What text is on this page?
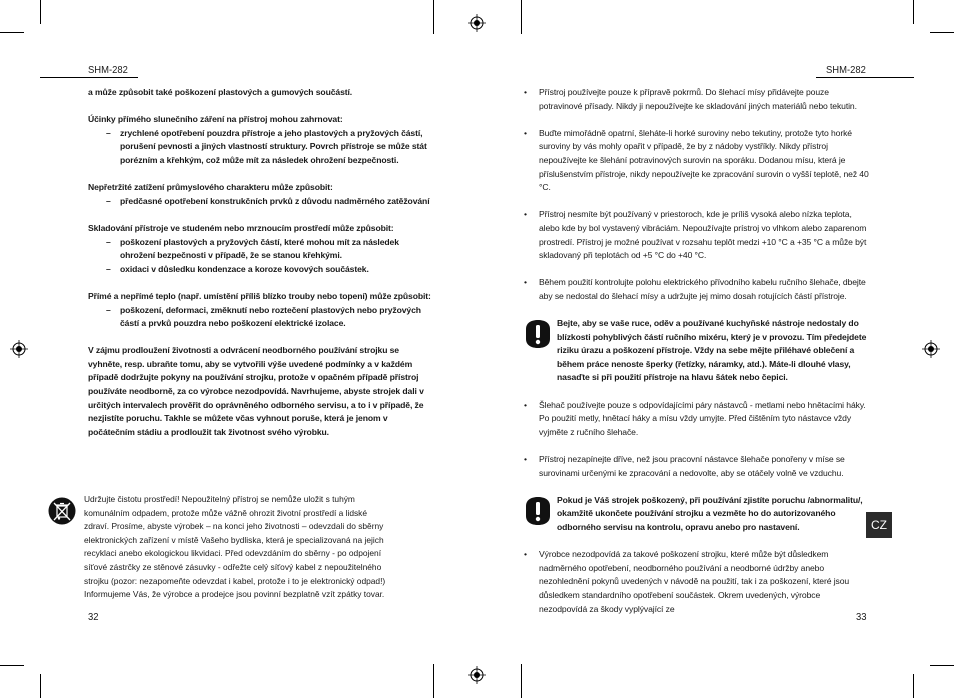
SHM-282

a může způsobit také poškození plastových a gumových součástí.

Účinky přímého slunečního záření na přístroj mohou zahrnovat:

–	zrychlené opotřebení pouzdra přístroje a jeho plastových a pryžových částí, porušení pevnosti a jiných vlastností struktury. Povrch přístroje se může stát porézním a křehkým, což může mít za následek ohrožení bezpečnosti.

Nepřetržité zatížení průmyslového charakteru může způsobit:

–	předčasné opotřebení konstrukčních prvků z důvodu nadměrného zatěžování

Skladování přístroje ve studeném nebo mrznoucím prostředí může způsobit:

–	poškození plastových a pryžových částí, které mohou mít za následek ohrožení bezpečnosti v případě, že se stanou křehkými.
–	oxidaci v důsledku kondenzace a koroze kovových součástek.

Přímé a nepřímé teplo (např. umístění příliš blízko trouby nebo topení) může způsobit:

–	poškození, deformaci, změknutí nebo roztečení plastových nebo pryžových částí a prvků pouzdra nebo poškození elektrické izolace.

V zájmu prodloužení životnosti a odvrácení neodborného používání strojku se vyhněte, resp. ubraňte tomu, aby se vytvořili výše uvedené podmínky a v každém případě dodržujte pokyny na používání strojku, protože v opačném případě přístroj používáte neodborně, za co výrobce nezodpovídá. Navrhujeme, abyste strojek dali v určitých intervalech prověřit do oprávněného odborného servisu, a to i v případě, že nezjistíte poruchu. Takhle se můžete včas vyhnout poruše, která je jenom v počátečním stádiu a prodloužit tak životnost svého výrobku.

Udržujte čistotu prostředí! Nepoužitelný přístroj se nemůže uložit s tuhým komunálním odpadem, protože může vážně ohrozit životní prostředí a lidské zdraví. Prosíme, abyste výrobek – na konci jeho životnosti – odevzdali do sběrny elektronických zařízení v místě Vašeho bydliska, která je specializovaná na jejich recyklaci anebo ekologickou likvidaci. Před odevzdáním do sběrny - po odpojení síťové zástrčky ze stěnové zásuvky - odřežte celý síťový kabel z nepoužitelného strojku (pozor: nezapomeňte odevzdat i kabel, protože i to je elektronický odpad!) Informujeme Vás, že výrobce a prodejce jsou povinní bezplatně vzít zpátky tovar.
32
SHM-282
•	Přístroj používejte pouze k přípravě pokrmů. Do šlehací mísy přidávejte pouze potravinové přísady. Nikdy ji nepoužívejte ke skladování jiných materiálů nebo tekutin.
•	Buďte mimořádně opatrní, šleháte-li horké suroviny nebo tekutiny, protože tyto horké suroviny by vás mohly opařit v případě, že by z nádoby vystříkly. Nikdy přístroj nepoužívejte ke šlehání potravinových surovin na sporáku. Dodanou mísu, která je příslušenstvím přístroje, nikdy nepoužívejte ke zpracování surovin o vyšší teplotě, než 40 °C.
•	Přístroj nesmíte být používaný v priestoroch, kde je príliš vysoká alebo nízka teplota, alebo kde by bol vystavený vibráciám. Nepoužívajte prístroj vo vlhkom alebo zaparenom prostredí. Přístroj je možné používat v rozsahu teplôt medzi +10 °C a +35 °C a může být skladovaný při teplotách od +5 °C do +40 °C.
•	Během použití kontrolujte polohu elektrického přívodního kabelu ručního šlehače, dbejte aby se nedostal do šlehací mísy a udržujte jej mimo dosah rotujících částí přístroje.
Bejte, aby se vaše ruce, oděv a používané kuchyňské nástroje nedostaly do blízkosti pohyblivých částí ručního mixéru, který je v provozu. Tím předejdete riziku úrazu a poškození přístroje. Vždy na sebe mějte přiléhavé oblečení a během práce nenoste šperky (řetízky, náramky, atd.). Máte-li dlouhé vlasy, nasaďte si při použití přístroje na hlavu šátek nebo čepici.
•	Šlehač používejte pouze s odpovídajícími páry nástavců - metlami nebo hnětacími háky. Po použití metly, hnětací háky a mísu vždy umyjte. Před čištěním tyto nástavce vždy vyjměte z ručního šlehače.
•	Přístroj nezapínejte dříve, než jsou pracovní nástavce šlehače ponořeny v míse se surovinami určenými ke zpracování a nedovolte, aby se otáčely volně ve vzduchu.
Pokud je Váš strojek poškozený, při používání zjistíte poruchu /abnormalitu/, okamžitě ukončete používání strojku a vezměte ho do autorizovaného odborného servisu na kontrolu, opravu anebo pro nastavení.
•	Výrobce nezodpovídá za takové poškození strojku, které může být důsledkem nadměrného opotřebení, neodborného používání a neodborné údržby anebo nezohlednění pokynů uvedených v návodě na použití, tak i za poškození, které jsou důsledkem standardního opotřebení součástek. Okrem uvedených, výrobce nezodpovídá za škody vyplývající ze
CZ
33
